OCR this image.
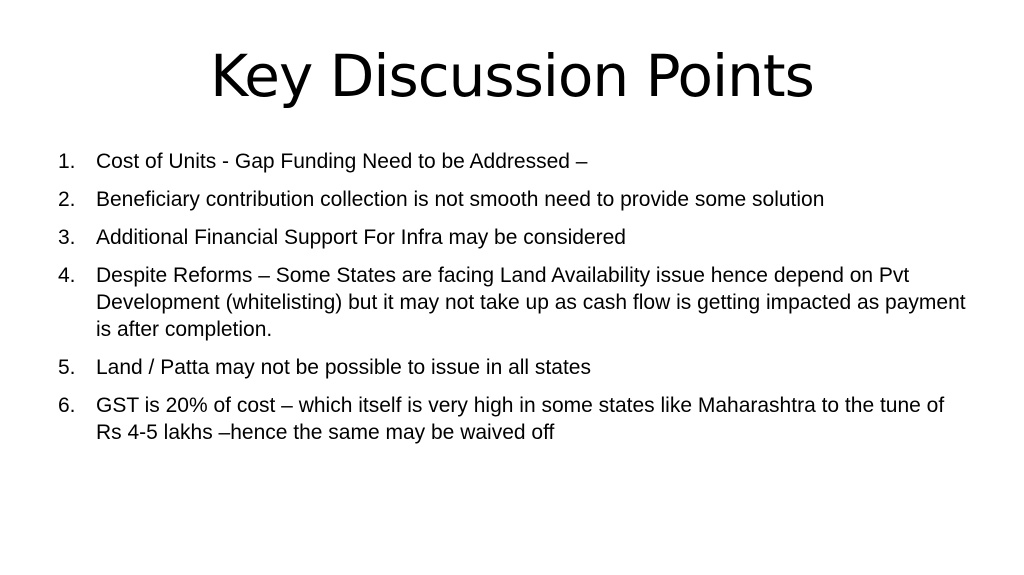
Key Discussion Points
1. Cost of Units - Gap Funding Need to be Addressed –
2. Beneficiary contribution collection is not smooth need to provide some solution
3. Additional Financial Support For Infra may be considered
4. Despite Reforms – Some States are facing Land Availability issue hence depend on Pvt Development (whitelisting) but it may not take up as cash flow is getting impacted as payment is after completion.
5. Land / Patta may not be possible to issue in all states
6. GST is 20% of cost – which itself is very high in some states like Maharashtra to the tune of Rs 4-5 lakhs –hence the same may be waived off
